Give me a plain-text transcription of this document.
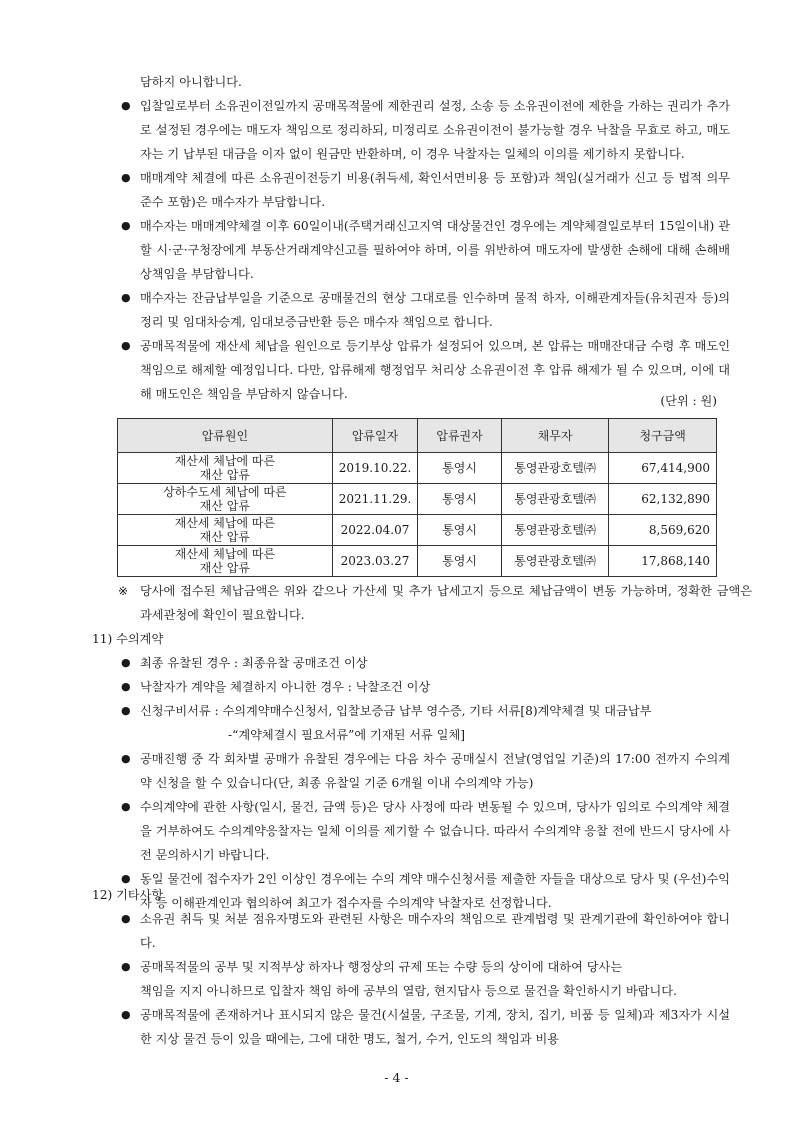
담하지 아니합니다.

● 입찰일로부터 소유권이전일까지 공매목적물에 제한권리 설정, 소송 등 소유권이전에 제한을 가하는 권리가 추가로 설정된 경우에는 매도자 책임으로 정리하되, 미정리로 소유권이전이 불가능할 경우 낙찰을 무효로 하고, 매도자는 기 납부된 대금을 이자 없이 원금만 반환하며, 이 경우 낙찰자는 일체의 이의를 제기하지 못합니다.

● 매매계약 체결에 따른 소유권이전등기 비용(취득세, 확인서면비용 등 포함)과 책임(실거래가 신고 등 법적 의무 준수 포함)은 매수자가 부담합니다.

● 매수자는 매매계약체결 이후 60일이내(주택거래신고지역 대상물건인 경우에는 계약체결일로부터 15일이내) 관할 시·군·구청장에게 부동산거래계약신고를 필하여야 하며, 이를 위반하여 매도자에 발생한 손해에 대해 손해배상책임을 부담합니다.

● 매수자는 잔금납부일을 기준으로 공매물건의 현상 그대로를 인수하며 물적 하자, 이해관계자들(유치권자 등)의 정리 및 임대차승계, 임대보증금반환 등은 매수자 책임으로 합니다.

● 공매목적물에 재산세 체납을 원인으로 등기부상 압류가 설정되어 있으며, 본 압류는 매매잔대금 수령 후 매도인 책임으로 해제할 예정입니다. 다만, 압류해제 행정업무 처리상 소유권이전 후 압류 해제가 될 수 있으며, 이에 대해 매도인은 책임을 부담하지 않습니다.	(단위 : 원)
압류원인	압류일자	압류권자	채무자	청구금액
재산세 체납에 따른
재산 압류	2019.10.22.	통영시	통영관광호텔㈜	67,414,900
상하수도세 체납에 따른
재산 압류	2021.11.29.	통영시	통영관광호텔㈜	62,132,890
재산세 체납에 따른
재산 압류	2022.04.07	통영시	통영관광호텔㈜	8,569,620
재산세 체납에 따른
재산 압류	2023.03.27	통영시	통영관광호텔㈜	17,868,140

※ 당사에 접수된 체납금액은 위와 같으나 가산세 및 추가 납세고지 등으로 체납금액이 변동 가능하며, 정확한 금액은 과세관청에 확인이 필요합니다.

11) 수의계약

● 최종 유찰된 경우 : 최종유찰 공매조건 이상

● 낙찰자가 계약을 체결하지 아니한 경우 : 낙찰조건 이상

● 신청구비서류 : 수의계약매수신청서, 입찰보증금 납부 영수증, 기타 서류[8)계약체결 및 대금납부
-“계약체결시 필요서류”에 기재된 서류 일체]

● 공매진행 중 각 회차별 공매가 유찰된 경우에는 다음 차수 공매실시 전날(영업일 기준)의 17:00 전까지 수의계약 신청을 할 수 있습니다(단, 최종 유찰일 기준 6개월 이내 수의계약 가능)

● 수의계약에 관한 사항(일시, 물건, 금액 등)은 당사 사정에 따라 변동될 수 있으며, 당사가 임의로 수의계약 체결을 거부하여도 수의계약응찰자는 일체 이의를 제기할 수 없습니다. 따라서 수의계약 응찰 전에 반드시 당사에 사전 문의하시기 바랍니다.

● 동일 물건에 접수자가 2인 이상인 경우에는 수의 계약 매수신청서를 제출한 자들을 대상으로 당사 및 (우선)수익자 등 이해관계인과 협의하여 최고가 접수자를 수의계약 낙찰자로 선정합니다.

12) 기타사항

● 소유권 취득 및 처분 점유자명도와 관련된 사항은 매수자의 책임으로 관계법령 및 관계기관에 확인하여야 합니다.

● 공매목적물의 공부 및 지적부상 하자나 행정상의 규제 또는 수량 등의 상이에 대하여 당사는
책임을 지지 아니하므로 입찰자 책임 하에 공부의 열람, 현지답사 등으로 물건을 확인하시기 바랍니다.

● 공매목적물에 존재하거나 표시되지 않은 물건(시설물, 구조물, 기계, 장치, 집기, 비품 등 일체)과 제3자가 시설한 지상 물건 등이 있을 때에는, 그에 대한 명도, 철거, 수거, 인도의 책임과 비용

- 4 -
